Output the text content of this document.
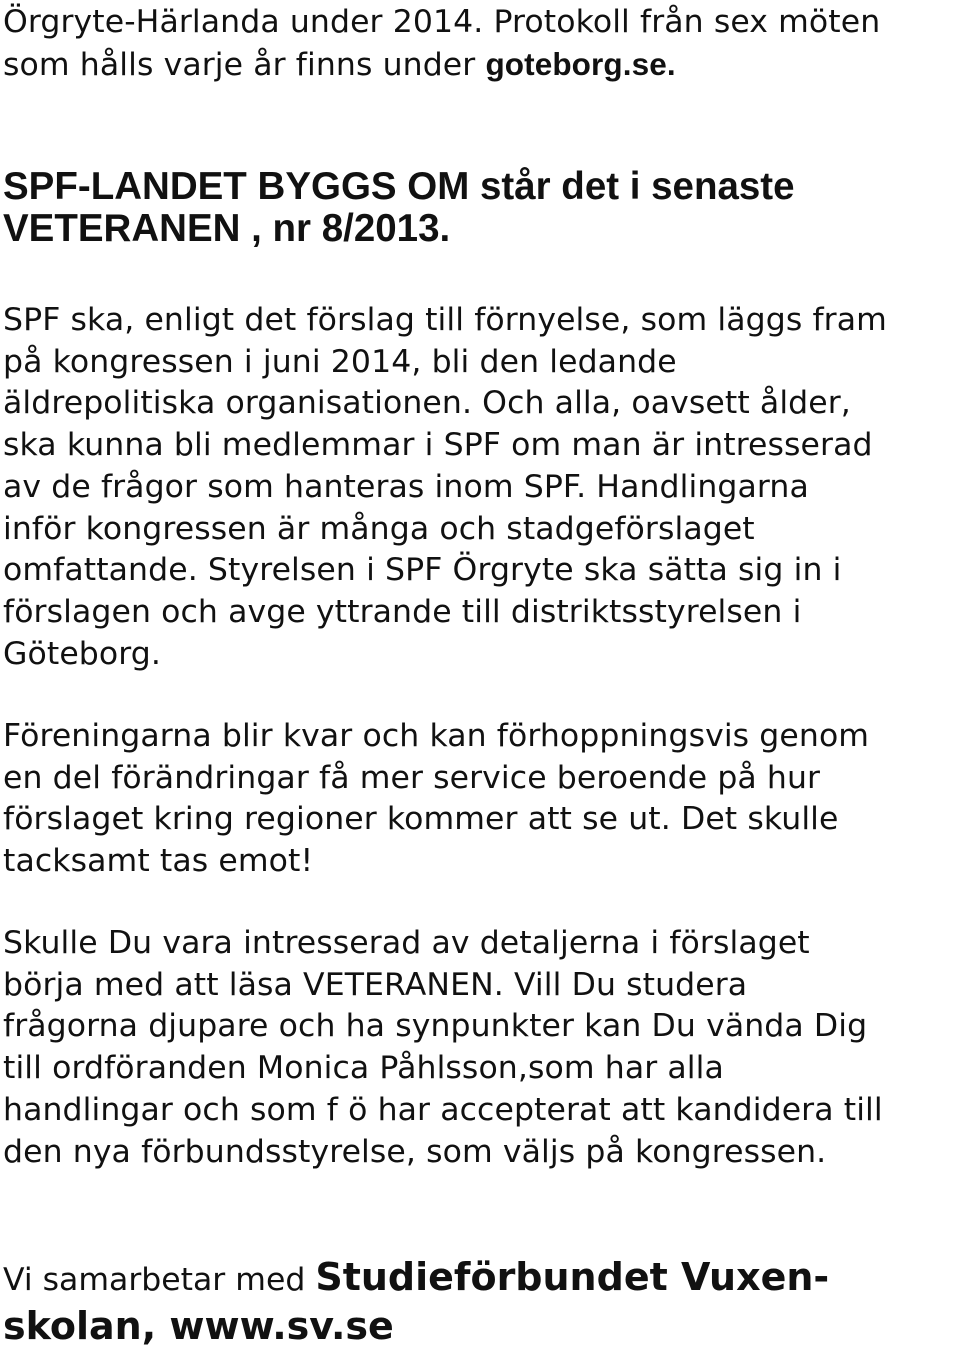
Örgryte-Härlanda under 2014. Protokoll från sex möten
som hålls varje år finns under goteborg.se.
SPF-LANDET BYGGS OM står det i senaste
VETERANEN , nr 8/2013.
SPF ska, enligt det förslag till förnyelse, som läggs fram
på kongressen i juni 2014, bli den ledande
äldrepolitiska organisationen. Och alla, oavsett ålder,
ska kunna bli medlemmar i SPF om man är intresserad
av de frågor som hanteras inom SPF. Handlingarna
inför kongressen är många och stadgeförslaget
omfattande. Styrelsen i SPF Örgryte ska sätta sig in i
förslagen och avge yttrande till distriktsstyrelsen i
Göteborg.
Föreningarna blir kvar och kan förhoppningsvis genom
en del förändringar få mer service beroende på hur
förslaget kring regioner kommer att se ut. Det skulle
tacksamt tas emot!
Skulle Du vara intresserad av detaljerna i förslaget
börja med att läsa VETERANEN. Vill Du studera
frågorna djupare och ha synpunkter kan Du vända Dig
till ordföranden Monica Påhlsson,som har alla
handlingar och som f ö har accepterat att kandidera till
den nya förbundsstyrelse, som väljs på kongressen.
Vi samarbetar med Studieförbundet Vuxen-
skolan, www.sv.se
